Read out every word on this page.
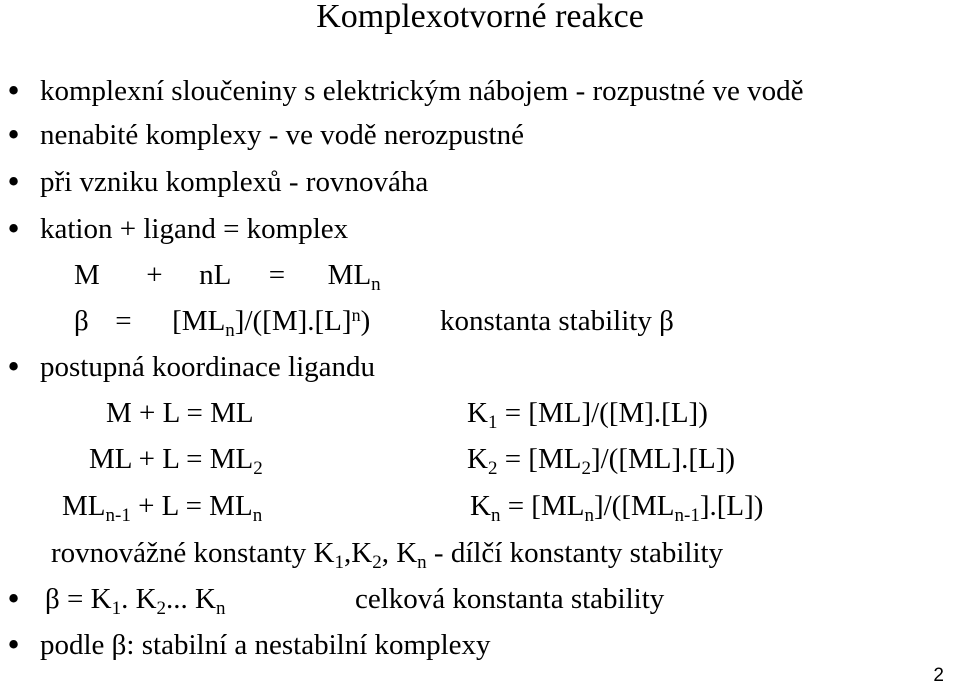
Komplexotvorné reakce
• komplexní sloučeniny s elektrickým nábojem - rozpustné ve vodě
• nenabité komplexy - ve vodě nerozpustné
• při vzniku komplexů - rovnováha
• kation + ligand = komplex
M + nL = $ML_n$
$\beta = [ML_n]/([M].[L]^n)$ konstanta stability β
• postupná koordinace ligandu
M + L = ML	$K_1 = [ML]/([M].[L])$
ML + $L = ML_2$	$K_2 = [ML_2]/([ML].[L])$
$ML_{n-1} + L = ML_n$	$K_n = [ML_n]/([ML_{n-1}].[L])$
rovnovážné konstanty $K_1,K_2$, $K_n$ - dílčí konstanty stability
• $\beta = K_1$. $K_2$... $K_n$	celková konstanta stability
• podle β: stabilní a nestabilní komplexy
2
